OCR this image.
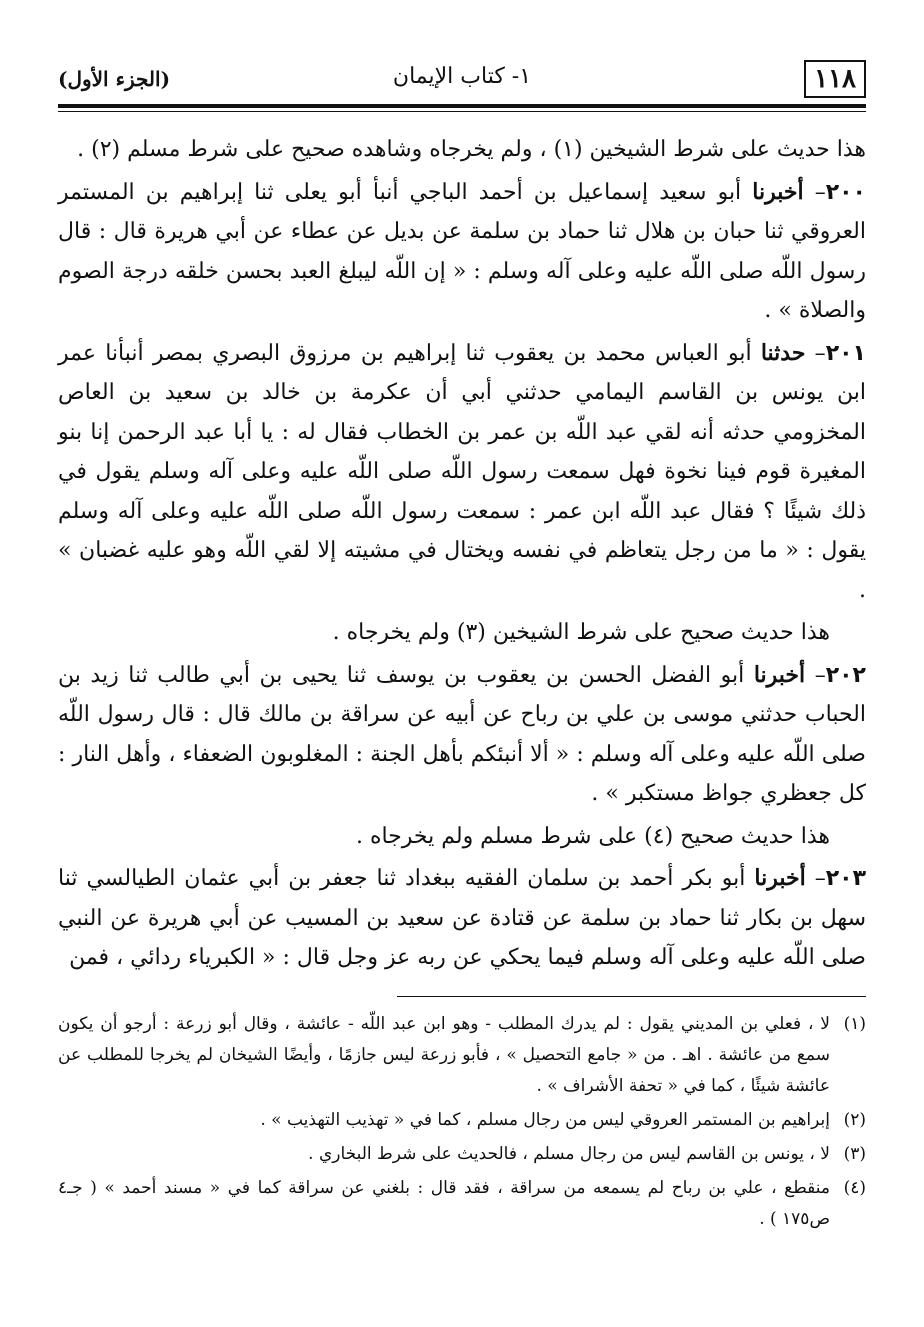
١١٨
١- كتاب الإيمان
(الجزء الأول)

هذا حديث على شرط الشيخين (١) ، ولم يخرجاه وشاهده صحيح على شرط مسلم (٢) .

٢٠٠– أخبرنا أبو سعيد إسماعيل بن أحمد الباجي أنبأ أبو يعلى ثنا إبراهيم بن المستمر العروقي ثنا حبان بن هلال ثنا حماد بن سلمة عن بديل عن عطاء عن أبي هريرة قال : قال رسول اللّه صلى اللّه عليه وعلى آله وسلم : « إن اللّه ليبلغ العبد بحسن خلقه درجة الصوم والصلاة » .

٢٠١– حدثنا أبو العباس محمد بن يعقوب ثنا إبراهيم بن مرزوق البصري بمصر أنبأنا عمر ابن يونس بن القاسم اليمامي حدثني أبي أن عكرمة بن خالد بن سعيد بن العاص المخزومي حدثه أنه لقي عبد اللّه بن عمر بن الخطاب فقال له : يا أبا عبد الرحمن إنا بنو المغيرة قوم فينا نخوة فهل سمعت رسول اللّه صلى اللّه عليه وعلى آله وسلم يقول في ذلك شيئًا ؟ فقال عبد اللّه ابن عمر : سمعت رسول اللّه صلى اللّه عليه وعلى آله وسلم يقول : « ما من رجل يتعاظم في نفسه ويختال في مشيته إلا لقي اللّه وهو عليه غضبان » .

هذا حديث صحيح على شرط الشيخين (٣) ولم يخرجاه .

٢٠٢– أخبرنا أبو الفضل الحسن بن يعقوب بن يوسف ثنا يحيى بن أبي طالب ثنا زيد بن الحباب حدثني موسى بن علي بن رباح عن أبيه عن سراقة بن مالك قال : قال رسول اللّه صلى اللّه عليه وعلى آله وسلم : « ألا أنبئكم بأهل الجنة : المغلوبون الضعفاء ، وأهل النار : كل جعظري جواظ مستكبر » .

هذا حديث صحيح (٤) على شرط مسلم ولم يخرجاه .

٢٠٣– أخبرنا أبو بكر أحمد بن سلمان الفقيه ببغداد ثنا جعفر بن أبي عثمان الطيالسي ثنا سهل بن بكار ثنا حماد بن سلمة عن قتادة عن سعيد بن المسيب عن أبي هريرة عن النبي صلى اللّه عليه وعلى آله وسلم فيما يحكي عن ربه عز وجل قال : « الكبرياء ردائي ، فمن

(١)
لا ، فعلي بن المديني يقول : لم يدرك المطلب - وهو ابن عبد اللّه - عائشة ، وقال أبو زرعة : أرجو أن يكون سمع من عائشة . اهـ . من « جامع التحصيل » ، فأبو زرعة ليس جازمًا ، وأيضًا الشيخان لم يخرجا للمطلب عن عائشة شيئًا ، كما في « تحفة الأشراف » .
(٢)
إبراهيم بن المستمر العروقي ليس من رجال مسلم ، كما في « تهذيب التهذيب » .
(٣)
لا ، يونس بن القاسم ليس من رجال مسلم ، فالحديث على شرط البخاري .
(٤)
منقطع ، علي بن رباح لم يسمعه من سراقة ، فقد قال : بلغني عن سراقة كما في « مسند أحمد » ( جـ٤ ص١٧٥ ) .
